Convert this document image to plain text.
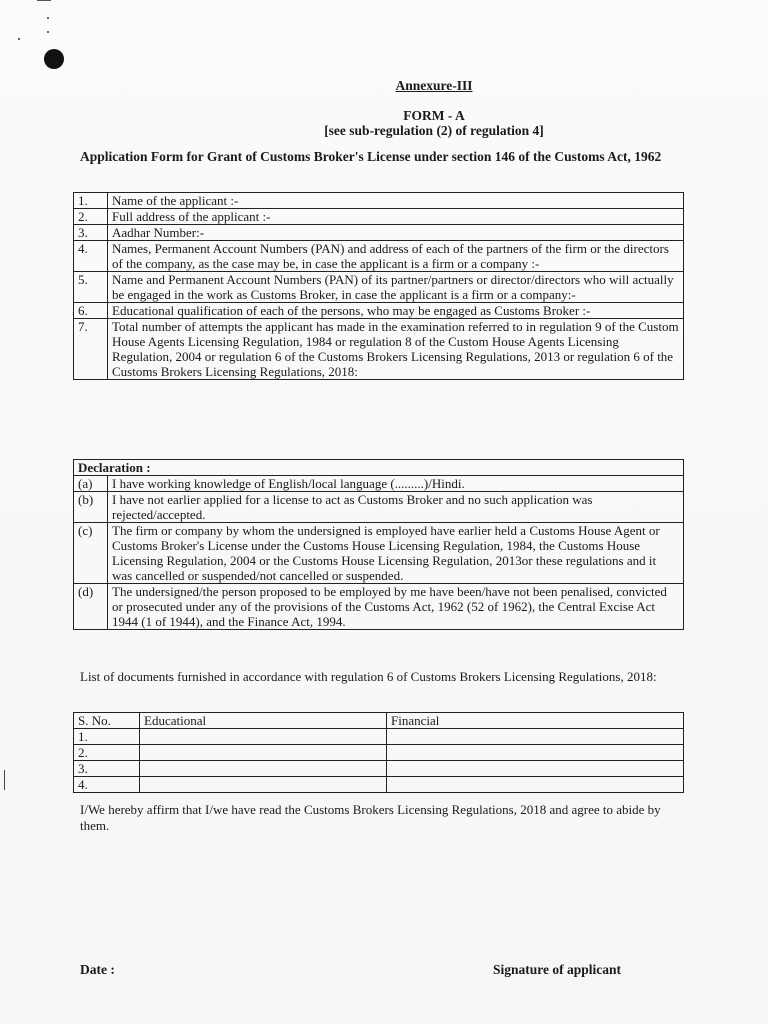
Annexure-III
FORM - A
[see sub-regulation (2) of regulation 4]
Application Form for Grant of Customs Broker's License under section 146 of the Customs Act, 1962
1.	Name of the applicant :-
2.	Full address of the applicant :-
3.	Aadhar Number:-
4.	Names, Permanent Account Numbers (PAN) and address of each of the partners of the firm or the directors of the company, as the case may be, in case the applicant is a firm or a company :-
5.	Name and Permanent Account Numbers (PAN) of its partner/partners or director/directors who will actually be engaged in the work as Customs Broker, in case the applicant is a firm or a company:-
6.	Educational qualification of each of the persons, who may be engaged as Customs Broker :-
7.	Total number of attempts the applicant has made in the examination referred to in regulation 9 of the Custom House Agents Licensing Regulation, 1984 or regulation 8 of the Custom House Agents Licensing Regulation, 2004 or regulation 6 of the Customs Brokers Licensing Regulations, 2013 or regulation 6 of the Customs Brokers Licensing Regulations, 2018:
Declaration :	
(a)	I have working knowledge of English/local language (.........)/Hindi.
(b)	I have not earlier applied for a license to act as Customs Broker and no such application was rejected/accepted.
(c)	The firm or company by whom the undersigned is employed have earlier held a Customs House Agent or Customs Broker's License under the Customs House Licensing Regulation, 1984, the Customs House Licensing Regulation, 2004 or the Customs House Licensing Regulation, 2013or these regulations and it was cancelled or suspended/not cancelled or suspended.
(d)	The undersigned/the person proposed to be employed by me have been/have not been penalised, convicted or prosecuted under any of the provisions of the Customs Act, 1962 (52 of 1962), the Central Excise Act 1944 (1 of 1944), and the Finance Act, 1994.
List of documents furnished in accordance with regulation 6 of Customs Brokers Licensing Regulations, 2018:
S. No.	Educational	Financial
1.		
2.		
3.		
4.		
I/We hereby affirm that I/we have read the Customs Brokers Licensing Regulations, 2018 and agree to abide by them.
Date :	Signature of applicant
